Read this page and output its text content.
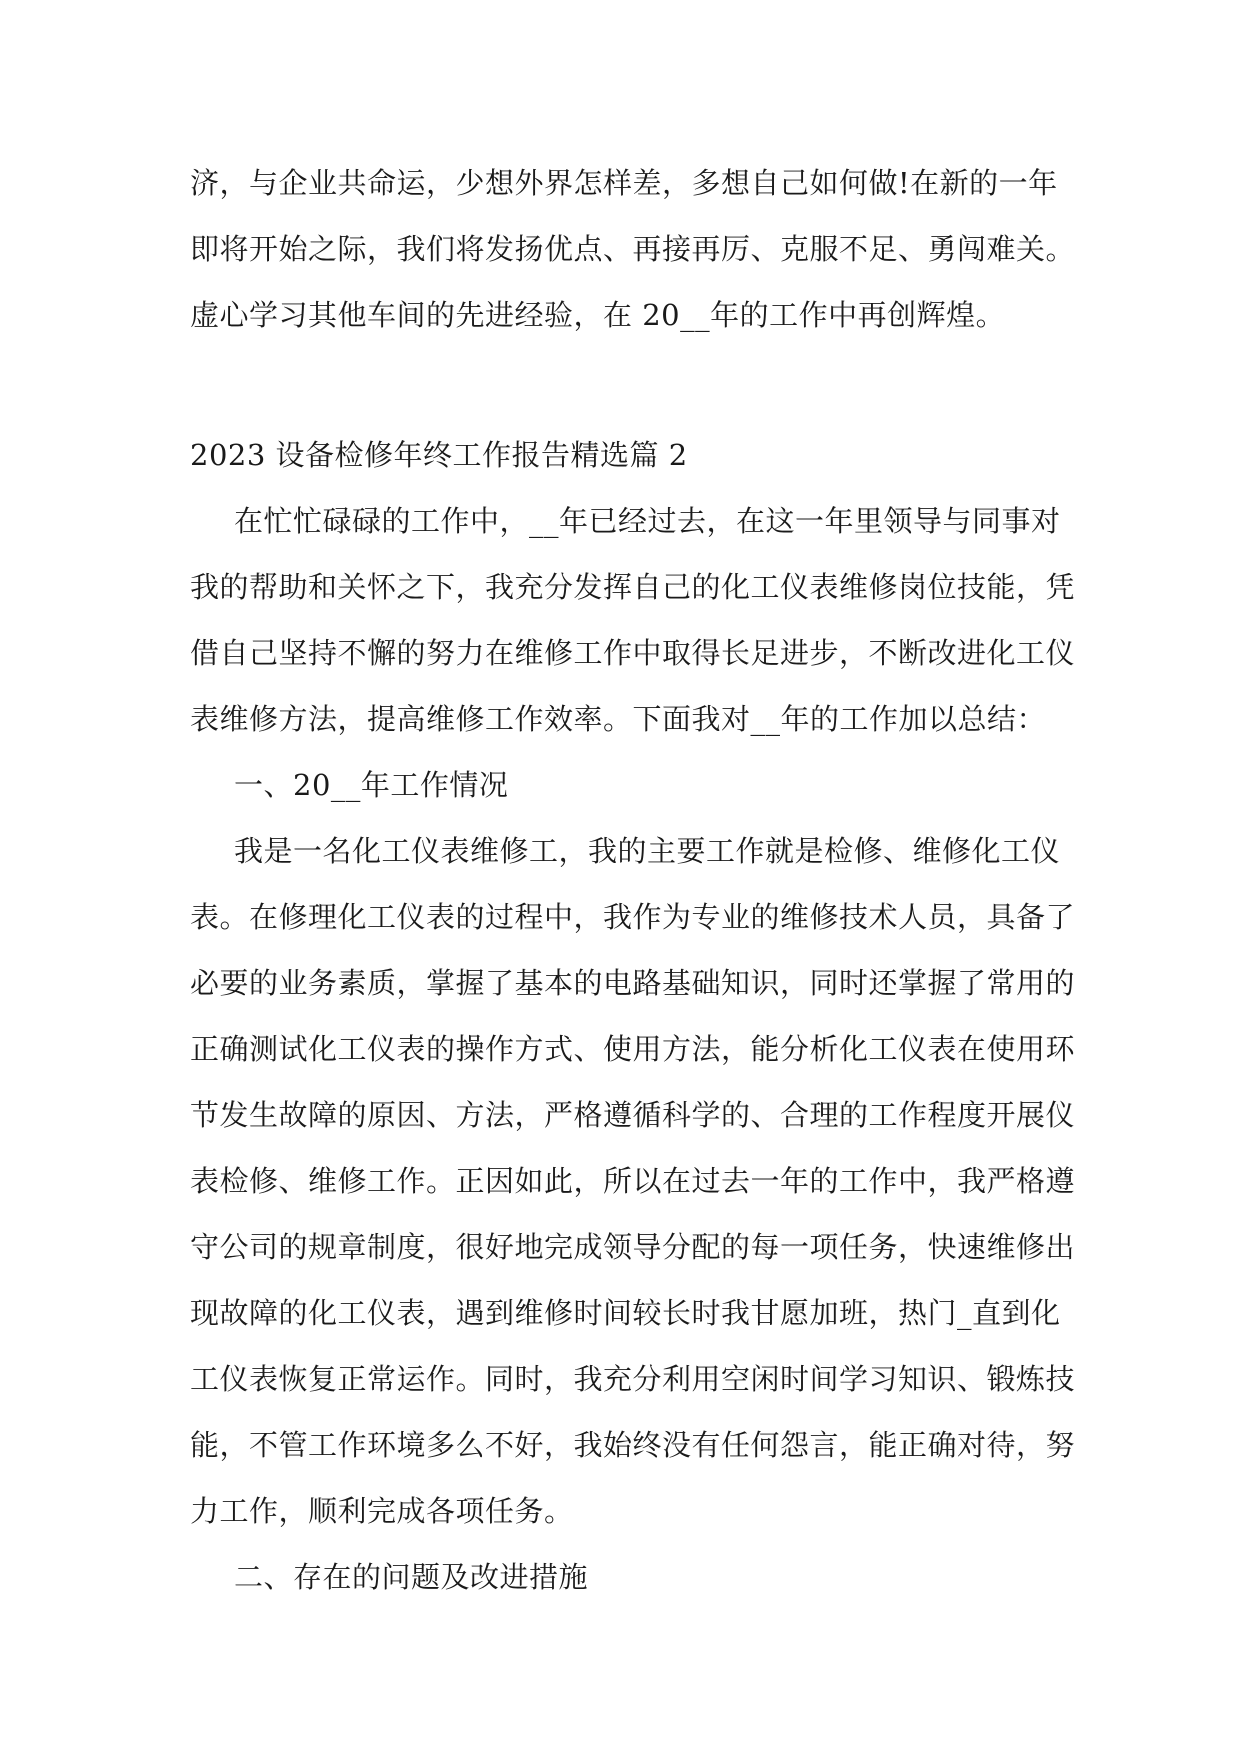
济，与企业共命运，少想外界怎样差，多想自己如何做!在新的一年
即将开始之际，我们将发扬优点、再接再厉、克服不足、勇闯难关。
虚心学习其他车间的先进经验，在 20__年的工作中再创辉煌。
2023 设备检修年终工作报告精选篇 2
在忙忙碌碌的工作中，__年已经过去，在这一年里领导与同事对
我的帮助和关怀之下，我充分发挥自己的化工仪表维修岗位技能，凭
借自己坚持不懈的努力在维修工作中取得长足进步，不断改进化工仪
表维修方法，提高维修工作效率。下面我对__年的工作加以总结：
一、20__年工作情况
我是一名化工仪表维修工，我的主要工作就是检修、维修化工仪
表。在修理化工仪表的过程中，我作为专业的维修技术人员，具备了
必要的业务素质，掌握了基本的电路基础知识，同时还掌握了常用的
正确测试化工仪表的操作方式、使用方法，能分析化工仪表在使用环
节发生故障的原因、方法，严格遵循科学的、合理的工作程度开展仪
表检修、维修工作。正因如此，所以在过去一年的工作中，我严格遵
守公司的规章制度，很好地完成领导分配的每一项任务，快速维修出
现故障的化工仪表，遇到维修时间较长时我甘愿加班，热门_直到化
工仪表恢复正常运作。同时，我充分利用空闲时间学习知识、锻炼技
能，不管工作环境多么不好，我始终没有任何怨言，能正确对待，努
力工作，顺利完成各项任务。
二、存在的问题及改进措施
